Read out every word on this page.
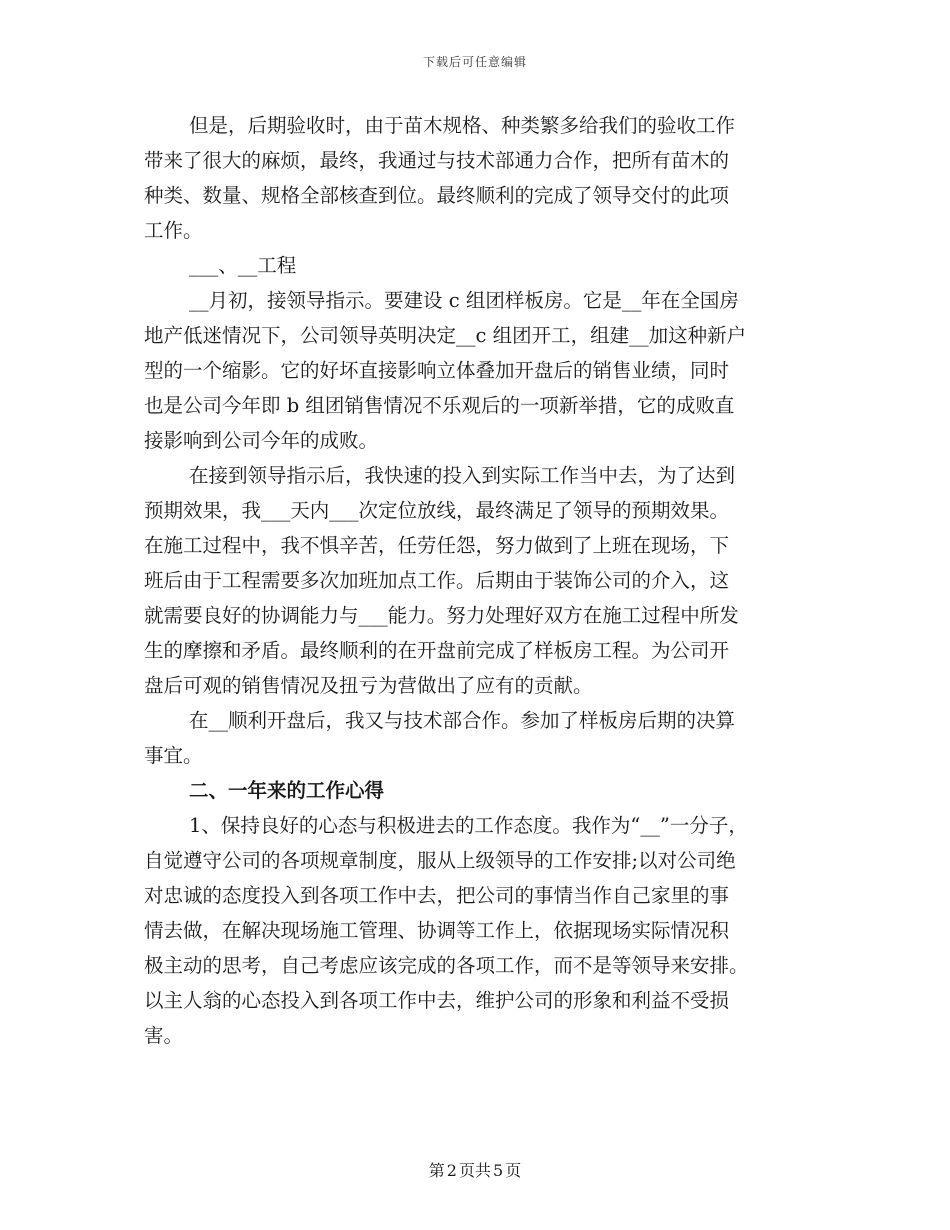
下载后可任意编辑
但是，后期验收时，由于苗木规格、种类繁多给我们的验收工作
带来了很大的麻烦，最终，我通过与技术部通力合作，把所有苗木的
种类、数量、规格全部核查到位。最终顺利的完成了领导交付的此项
工作。
___、__工程
__月初，接领导指示。要建设 c 组团样板房。它是__年在全国房
地产低迷情况下，公司领导英明决定__c 组团开工，组建__加这种新户
型的一个缩影。它的好坏直接影响立体叠加开盘后的销售业绩，同时
也是公司今年即 b 组团销售情况不乐观后的一项新举措，它的成败直
接影响到公司今年的成败。
在接到领导指示后，我快速的投入到实际工作当中去，为了达到
预期效果，我___天内___次定位放线，最终满足了领导的预期效果。
在施工过程中，我不惧辛苦，任劳任怨，努力做到了上班在现场，下
班后由于工程需要多次加班加点工作。后期由于装饰公司的介入，这
就需要良好的协调能力与___能力。努力处理好双方在施工过程中所发
生的摩擦和矛盾。最终顺利的在开盘前完成了样板房工程。为公司开
盘后可观的销售情况及扭亏为营做出了应有的贡献。
在__顺利开盘后，我又与技术部合作。参加了样板房后期的决算
事宜。
二、一年来的工作心得
1、保持良好的心态与积极进去的工作态度。我作为“__”一分子，
自觉遵守公司的各项规章制度，服从上级领导的工作安排;以对公司绝
对忠诚的态度投入到各项工作中去，把公司的事情当作自己家里的事
情去做，在解决现场施工管理、协调等工作上，依据现场实际情况积
极主动的思考，自己考虑应该完成的各项工作，而不是等领导来安排。
以主人翁的心态投入到各项工作中去，维护公司的形象和利益不受损
害。
第 2 页共 5 页
